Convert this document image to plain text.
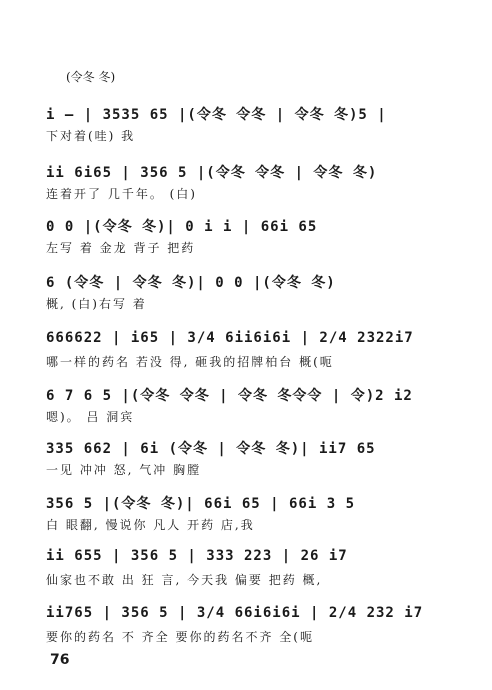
(令冬 冬)
i — | 3535 65 |(令冬 令冬 | 令冬 冬)5 |
下对着(哇) 我
ii 6i65 | 356 5 |(令冬 令冬 | 令冬 冬)
连着开了 几千年。 (白)
0 0 |(令冬 冬)| 0 i i | 66i 65
左写 着 金龙 背子 把药
6 (令冬 | 令冬 冬)| 0 0 |(令冬 冬)
概, (白)右写 着
666622 | i65 | 3/4 6ii6i6i | 2/4 2322i7
哪一样的药名 若没 得, 砸我的招牌柏台 概(呃
6 7 6 5 |(令冬 令冬 | 令冬 冬令令 | 令)2 i2
嗯)。 吕 洞宾
335 662 | 6i (令冬 | 令冬 冬)| ii7 65
一见 冲冲 怒, 气冲 胸膛
356 5 |(令冬 冬)| 66i 65 | 66i 3 5
白 眼翻, 慢说你 凡人 开药 店,我
ii 655 | 356 5 | 333 223 | 26 i7
仙家也不敢 出 狂 言, 今天我 偏要 把药 概,
ii765 | 356 5 | 3/4 66i6i6i | 2/4 232 i7
要你的药名 不 齐全 要你的药名不齐 全(呃
76
